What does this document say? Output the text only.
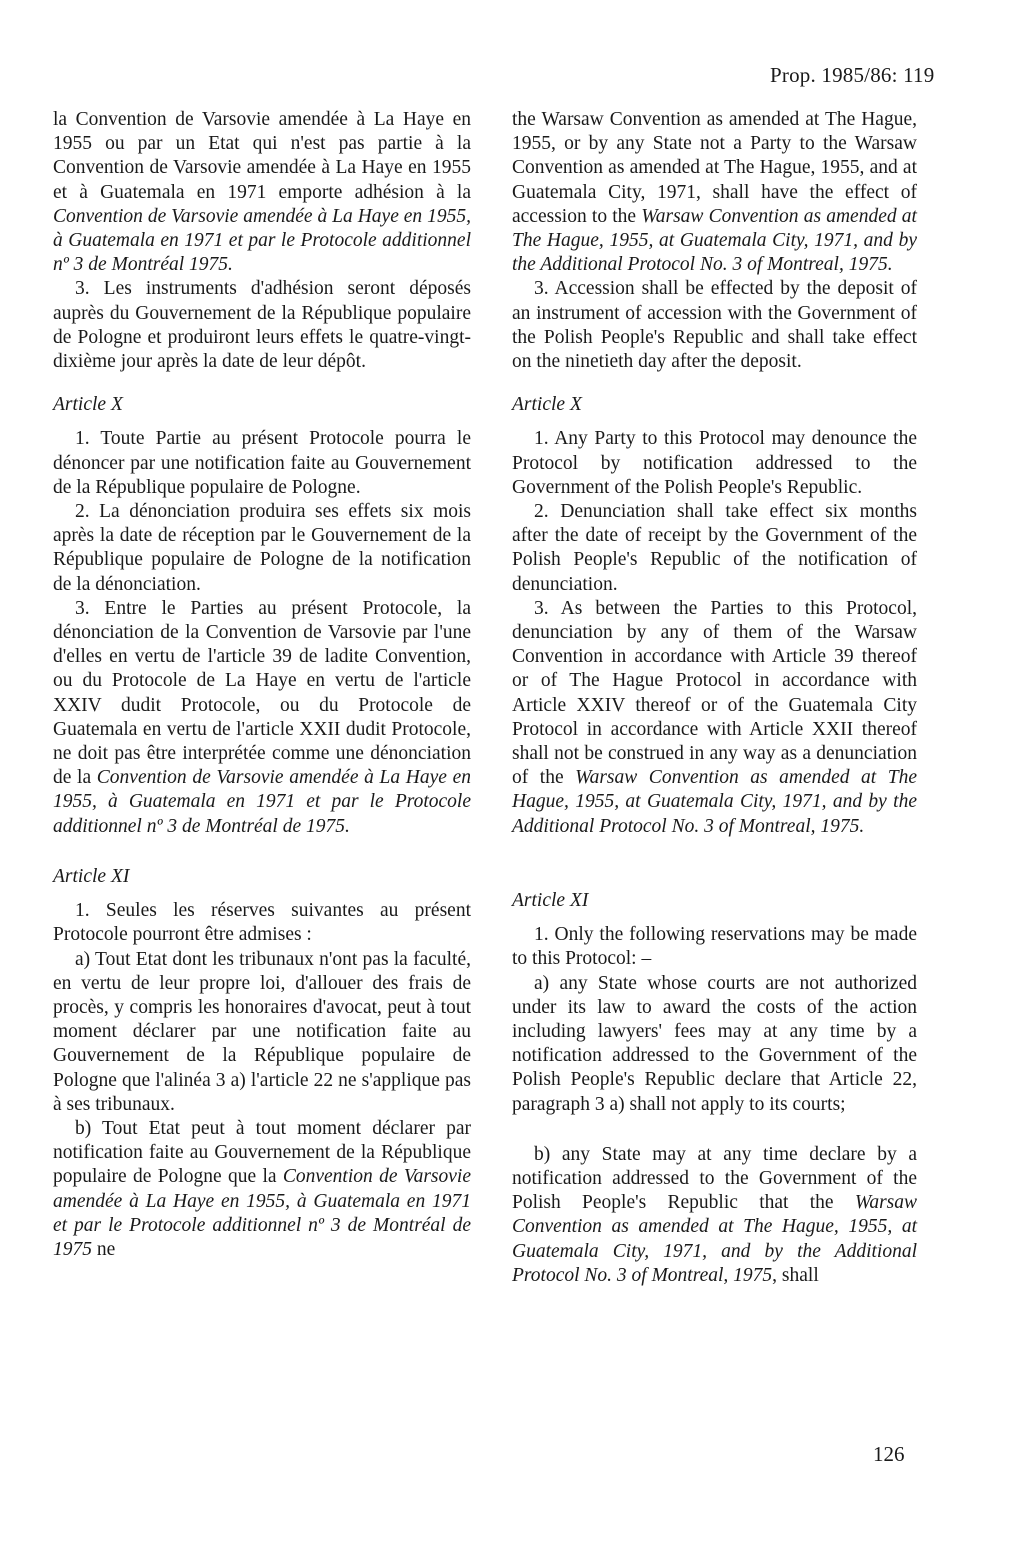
Prop. 1985/86: 119

la Convention de Varsovie amendée à La Haye en 1955 ou par un Etat qui n'est pas partie à la Convention de Varsovie amendée à La Haye en 1955 et à Guatemala en 1971 emporte adhésion à la Convention de Varsovie amendée à La Haye en 1955, à Guatemala en 1971 et par le Protocole additionnel nº 3 de Montréal 1975.

3. Les instruments d'adhésion seront déposés auprès du Gouvernement de la République populaire de Pologne et produiront leurs effets le quatre-vingt-dixième jour après la date de leur dépôt.

Article X

1. Toute Partie au présent Protocole pourra le dénoncer par une notification faite au Gouvernement de la République populaire de Pologne.

2. La dénonciation produira ses effets six mois après la date de réception par le Gouvernement de la République populaire de Pologne de la notification de la dénonciation.

3. Entre le Parties au présent Protocole, la dénonciation de la Convention de Varsovie par l'une d'elles en vertu de l'article 39 de ladite Convention, ou du Protocole de La Haye en vertu de l'article XXIV dudit Protocole, ou du Protocole de Guatemala en vertu de l'article XXII dudit Protocole, ne doit pas être interprétée comme une dénonciation de la Convention de Varsovie amendée à La Haye en 1955, à Guatemala en 1971 et par le Protocole additionnel nº 3 de Montréal de 1975.

Article XI

1. Seules les réserves suivantes au présent Protocole pourront être admises :

a) Tout Etat dont les tribunaux n'ont pas la faculté, en vertu de leur propre loi, d'allouer des frais de procès, y compris les honoraires d'avocat, peut à tout moment déclarer par une notification faite au Gouvernement de la République populaire de Pologne que l'alinéa 3 a) l'article 22 ne s'applique pas à ses tribunaux.

b) Tout Etat peut à tout moment déclarer par notification faite au Gouvernement de la République populaire de Pologne que la Convention de Varsovie amendée à La Haye en 1955, à Guatemala en 1971 et par le Protocole additionnel nº 3 de Montréal de 1975 ne

the Warsaw Convention as amended at The Hague, 1955, or by any State not a Party to the Warsaw Convention as amended at The Hague, 1955, and at Guatemala City, 1971, shall have the effect of accession to the Warsaw Convention as amended at The Hague, 1955, at Guatemala City, 1971, and by the Additional Protocol No. 3 of Montreal, 1975.

3. Accession shall be effected by the deposit of an instrument of accession with the Government of the Polish People's Republic and shall take effect on the ninetieth day after the deposit.

Article X

1. Any Party to this Protocol may denounce the Protocol by notification addressed to the Government of the Polish People's Republic.

2. Denunciation shall take effect six months after the date of receipt by the Government of the Polish People's Republic of the notification of denunciation.

3. As between the Parties to this Protocol, denunciation by any of them of the Warsaw Convention in accordance with Article 39 thereof or of The Hague Protocol in accordance with Article XXIV thereof or of the Guatemala City Protocol in accordance with Article XXII thereof shall not be construed in any way as a denunciation of the Warsaw Convention as amended at The Hague, 1955, at Guatemala City, 1971, and by the Additional Protocol No. 3 of Montreal, 1975.

Article XI

1. Only the following reservations may be made to this Protocol: –

a) any State whose courts are not authorized under its law to award the costs of the action including lawyers' fees may at any time by a notification addressed to the Government of the Polish People's Republic declare that Article 22, paragraph 3 a) shall not apply to its courts;

b) any State may at any time declare by a notification addressed to the Government of the Polish People's Republic that the Warsaw Convention as amended at The Hague, 1955, at Guatemala City, 1971, and by the Additional Protocol No. 3 of Montreal, 1975, shall

126
